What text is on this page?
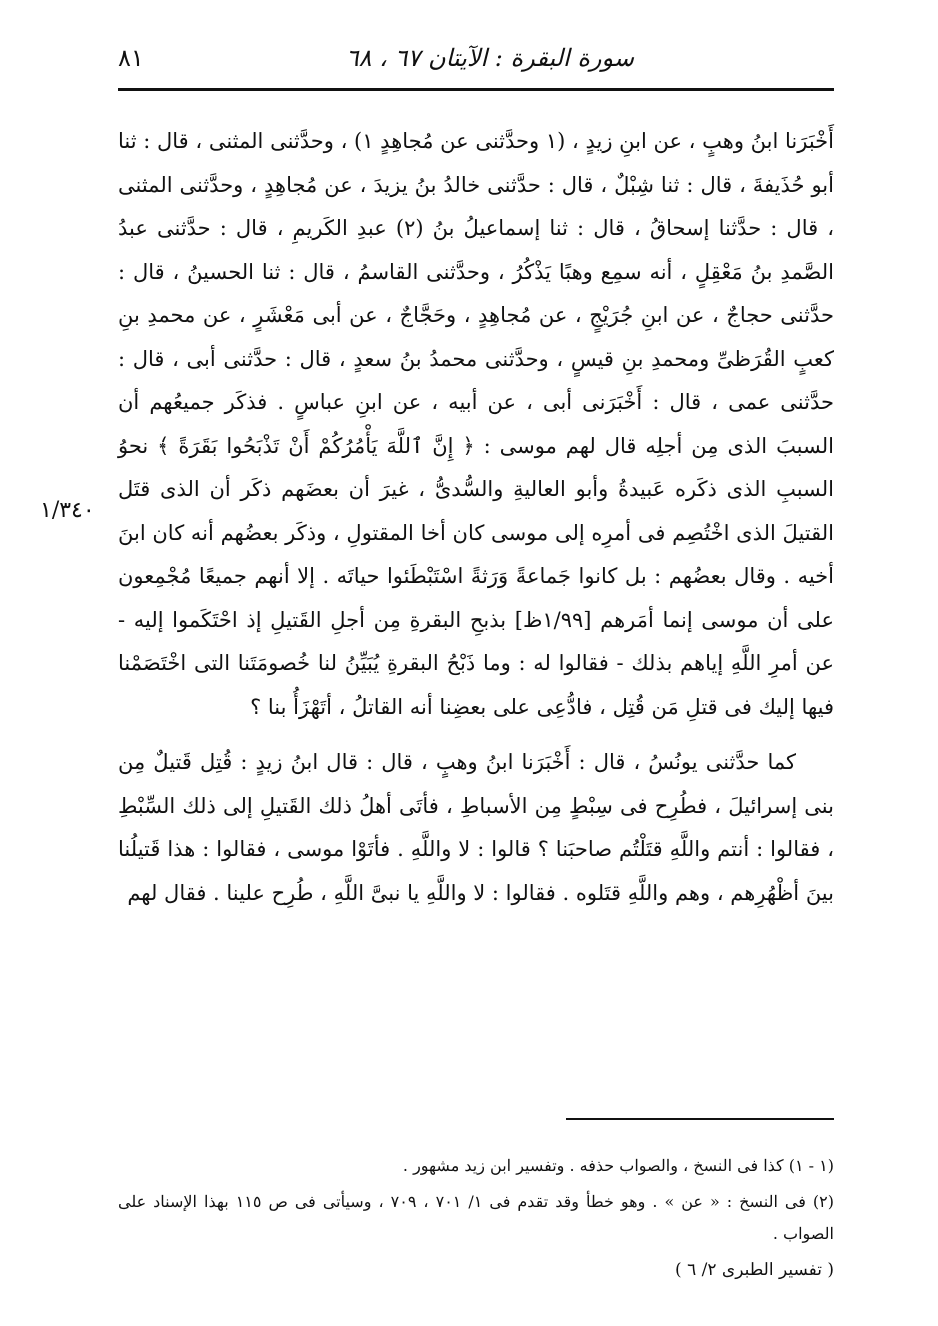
سورة البقرة : الآيتان ٦٧ ، ٦٨
٨١
١/٣٤٠

أَخْبَرَنا ابنُ وهبٍ ، عن ابنِ زيدٍ ، (١ وحدَّثنى عن مُجاهِدٍ ١) ، وحدَّثنى المثنى ، قال : ثنا أبو حُذَيفةَ ، قال : ثنا شِبْلٌ ، قال : حدَّثنى خالدُ بنُ يزيدَ ، عن مُجاهِدٍ ، وحدَّثنى المثنى ، قال : حدَّثنا إسحاقُ ، قال : ثنا إسماعيلُ بنُ (٢) عبدِ الكَريمِ ، قال : حدَّثنى عبدُ الصَّمدِ بنُ مَعْقِلٍ ، أنه سمِع وهبًا يَذْكُرُ ، وحدَّثنى القاسمُ ، قال : ثنا الحسينُ ، قال : حدَّثنى حجاجٌ ، عن ابنِ جُرَيْجٍ ، عن مُجاهِدٍ ، وحَجَّاجٌ ، عن أبى مَعْشَرٍ ، عن محمدِ بنِ كعبٍ القُرَظىِّ ومحمدِ بنِ قيسٍ ، وحدَّثنى محمدُ بنُ سعدٍ ، قال : حدَّثنى أبى ، قال : حدَّثنى عمى ، قال : أَخْبَرَنى أبى ، عن أبيه ، عن ابنِ عباسٍ . فذكَر جميعُهم أن السببَ الذى مِن أجلِه قال لهم موسى : ﴿ إِنَّ ٱللَّهَ يَأْمُرُكُمْ أَنْ تَذْبَحُوا بَقَرَةً ﴾ نحوُ السببِ الذى ذكَره عَبيدةُ وأبو العاليةِ والسُّدىُّ ، غيرَ أن بعضَهم ذكَر أن الذى قتَل القتيلَ الذى اخْتُصِم فى أمرِه إلى موسى كان أخا المقتولِ ، وذكَر بعضُهم أنه كان ابنَ أخيه . وقال بعضُهم : بل كانوا جَماعةً وَرَثةً اسْتَبْطَئوا حياتَه . إلا أنهم جميعًا مُجْمِعون على أن موسى إنما أمَرهم [١/٩٩ظ] بذبحِ البقرةِ مِن أجلِ القَتيلِ إذ احْتَكَموا إليه - عن أمرِ اللَّهِ إياهم بذلك - فقالوا له : وما ذَبْحُ البقرةِ يُبَيِّنُ لنا خُصومَتَنا التى اخْتَصَمْنا فيها إليك فى قتلِ مَن قُتِل ، فادُّعِى على بعضِنا أنه القاتلُ ، أتَهْزَأُ بنا ؟

كما حدَّثنى يونُسُ ، قال : أَخْبَرَنا ابنُ وهبٍ ، قال : قال ابنُ زيدٍ : قُتِل قَتيلٌ مِن بنى إسرائيلَ ، فطُرِح فى سِبْطٍ مِن الأسباطِ ، فأتَى أهلُ ذلك القَتيلِ إلى ذلك السِّبْطِ ، فقالوا : أنتم واللَّهِ قتَلْتُم صاحبَنا ؟ قالوا : لا واللَّهِ . فأتَوْا موسى ، فقالوا : هذا قَتيلُنا بينَ أظْهُرِهم ، وهم واللَّهِ قتَلوه . فقالوا : لا واللَّهِ يا نبىَّ اللَّهِ ، طُرِح علينا . فقال لهم

(١ - ١) كذا فى النسخ ، والصواب حذفه . وتفسير ابن زيد مشهور .

(٢) فى النسخ : « عن » . وهو خطأ وقد تقدم فى ١/ ٧٠١ ، ٧٠٩ ، وسيأتى فى ص ١١٥ بهذا الإسناد على الصواب .

( تفسير الطبرى ٢/ ٦ )
